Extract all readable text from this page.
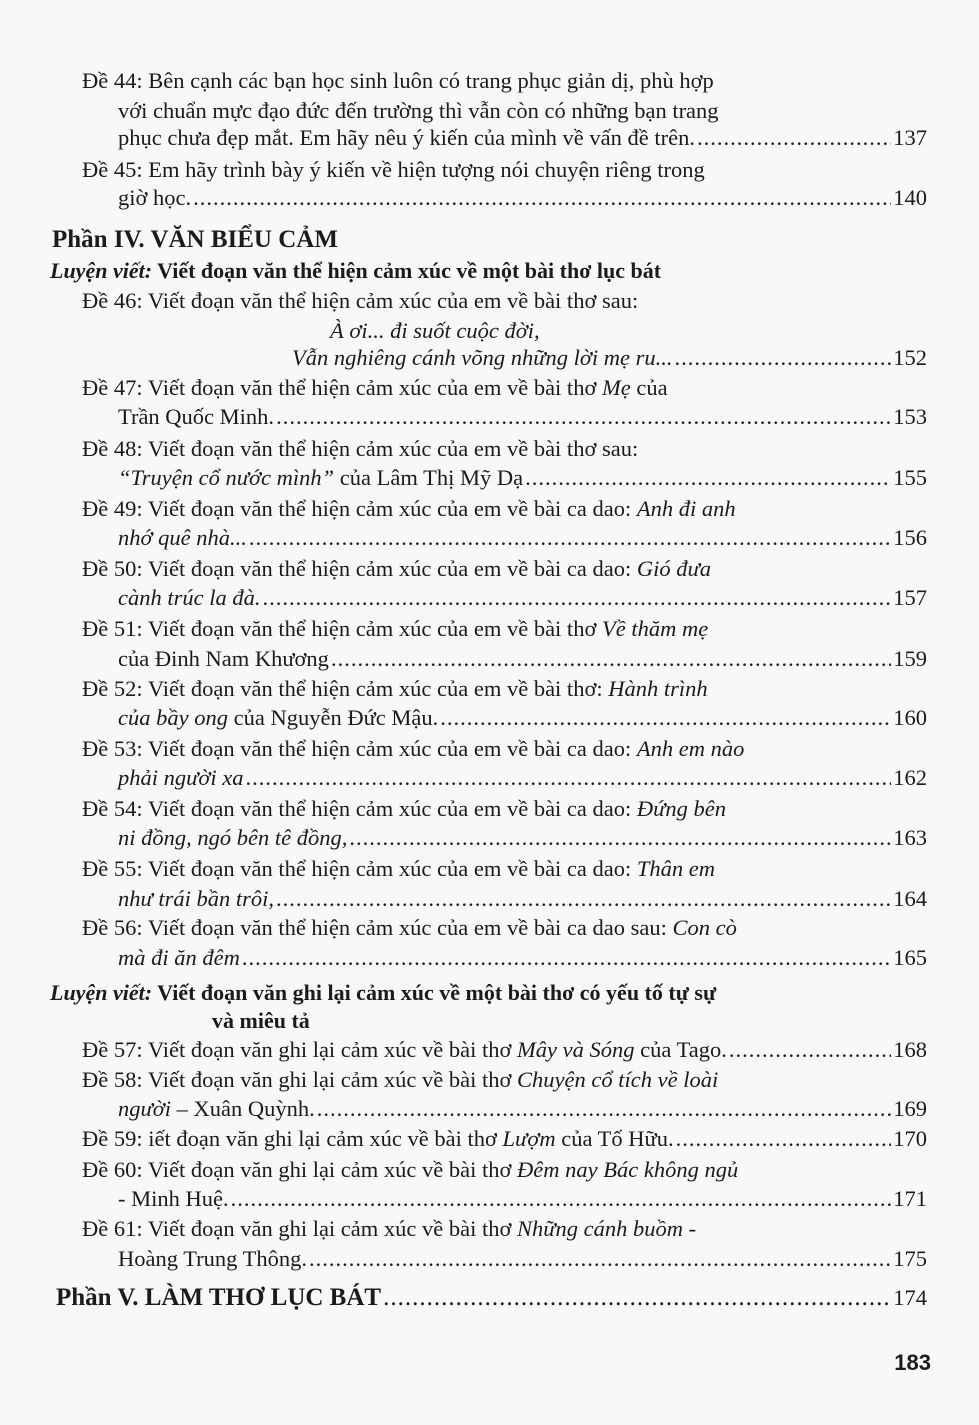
Đề 44: Bên cạnh các bạn học sinh luôn có trang phục giản dị, phù hợp
với chuẩn mực đạo đức đến trường thì vẫn còn có những bạn trang
phục chưa đẹp mắt. Em hãy nêu ý kiến của mình về vấn đề trên. .....	137
Đề 45: Em hãy trình bày ý kiến về hiện tượng nói chuyện riêng trong
giờ học. .....	140
Phần IV. VĂN BIỂU CẢM
Luyện viết: Viết đoạn văn thể hiện cảm xúc về một bài thơ lục bát
Đề 46: Viết đoạn văn thể hiện cảm xúc của em về bài thơ sau:
À ơi... đi suốt cuộc đời,
Vẫn nghiêng cánh võng những lời mẹ ru... .....	152
Đề 47: Viết đoạn văn thể hiện cảm xúc của em về bài thơ Mẹ của
Trần Quốc Minh. .....	153
Đề 48: Viết đoạn văn thể hiện cảm xúc của em về bài thơ sau:
“Truyện cổ nước mình” của Lâm Thị Mỹ Dạ .....	155
Đề 49: Viết đoạn văn thể hiện cảm xúc của em về bài ca dao: Anh đi anh
nhớ quê nhà... .....	156
Đề 50: Viết đoạn văn thể hiện cảm xúc của em về bài ca dao: Gió đưa
cành trúc la đà. .....	157
Đề 51: Viết đoạn văn thể hiện cảm xúc của em về bài thơ Về thăm mẹ
của Đinh Nam Khương .....	159
Đề 52: Viết đoạn văn thể hiện cảm xúc của em về bài thơ: Hành trình
của bầy ong của Nguyễn Đức Mậu. .....	160
Đề 53: Viết đoạn văn thể hiện cảm xúc của em về bài ca dao: Anh em nào
phải người xa .....	162
Đề 54: Viết đoạn văn thể hiện cảm xúc của em về bài ca dao: Đứng bên
ni đồng, ngó bên tê đồng, .....	163
Đề 55: Viết đoạn văn thể hiện cảm xúc của em về bài ca dao: Thân em
như trái bần trôi, .....	164
Đề 56: Viết đoạn văn thể hiện cảm xúc của em về bài ca dao sau: Con cò
mà đi ăn đêm .....	165
Luyện viết: Viết đoạn văn ghi lại cảm xúc về một bài thơ có yếu tố tự sự
và miêu tả
Đề 57: Viết đoạn văn ghi lại cảm xúc về bài thơ Mây và Sóng của Tago. .....	168
Đề 58: Viết đoạn văn ghi lại cảm xúc về bài thơ Chuyện cổ tích về loài
người – Xuân Quỳnh. .....	169
Đề 59: iết đoạn văn ghi lại cảm xúc về bài thơ Lượm của Tố Hữu. .....	170
Đề 60: Viết đoạn văn ghi lại cảm xúc về bài thơ Đêm nay Bác không ngủ
- Minh Huệ. .....	171
Đề 61: Viết đoạn văn ghi lại cảm xúc về bài thơ Những cánh buồm -
Hoàng Trung Thông. .....	175
Phần V. LÀM THƠ LỤC BÁT .....	174
183
